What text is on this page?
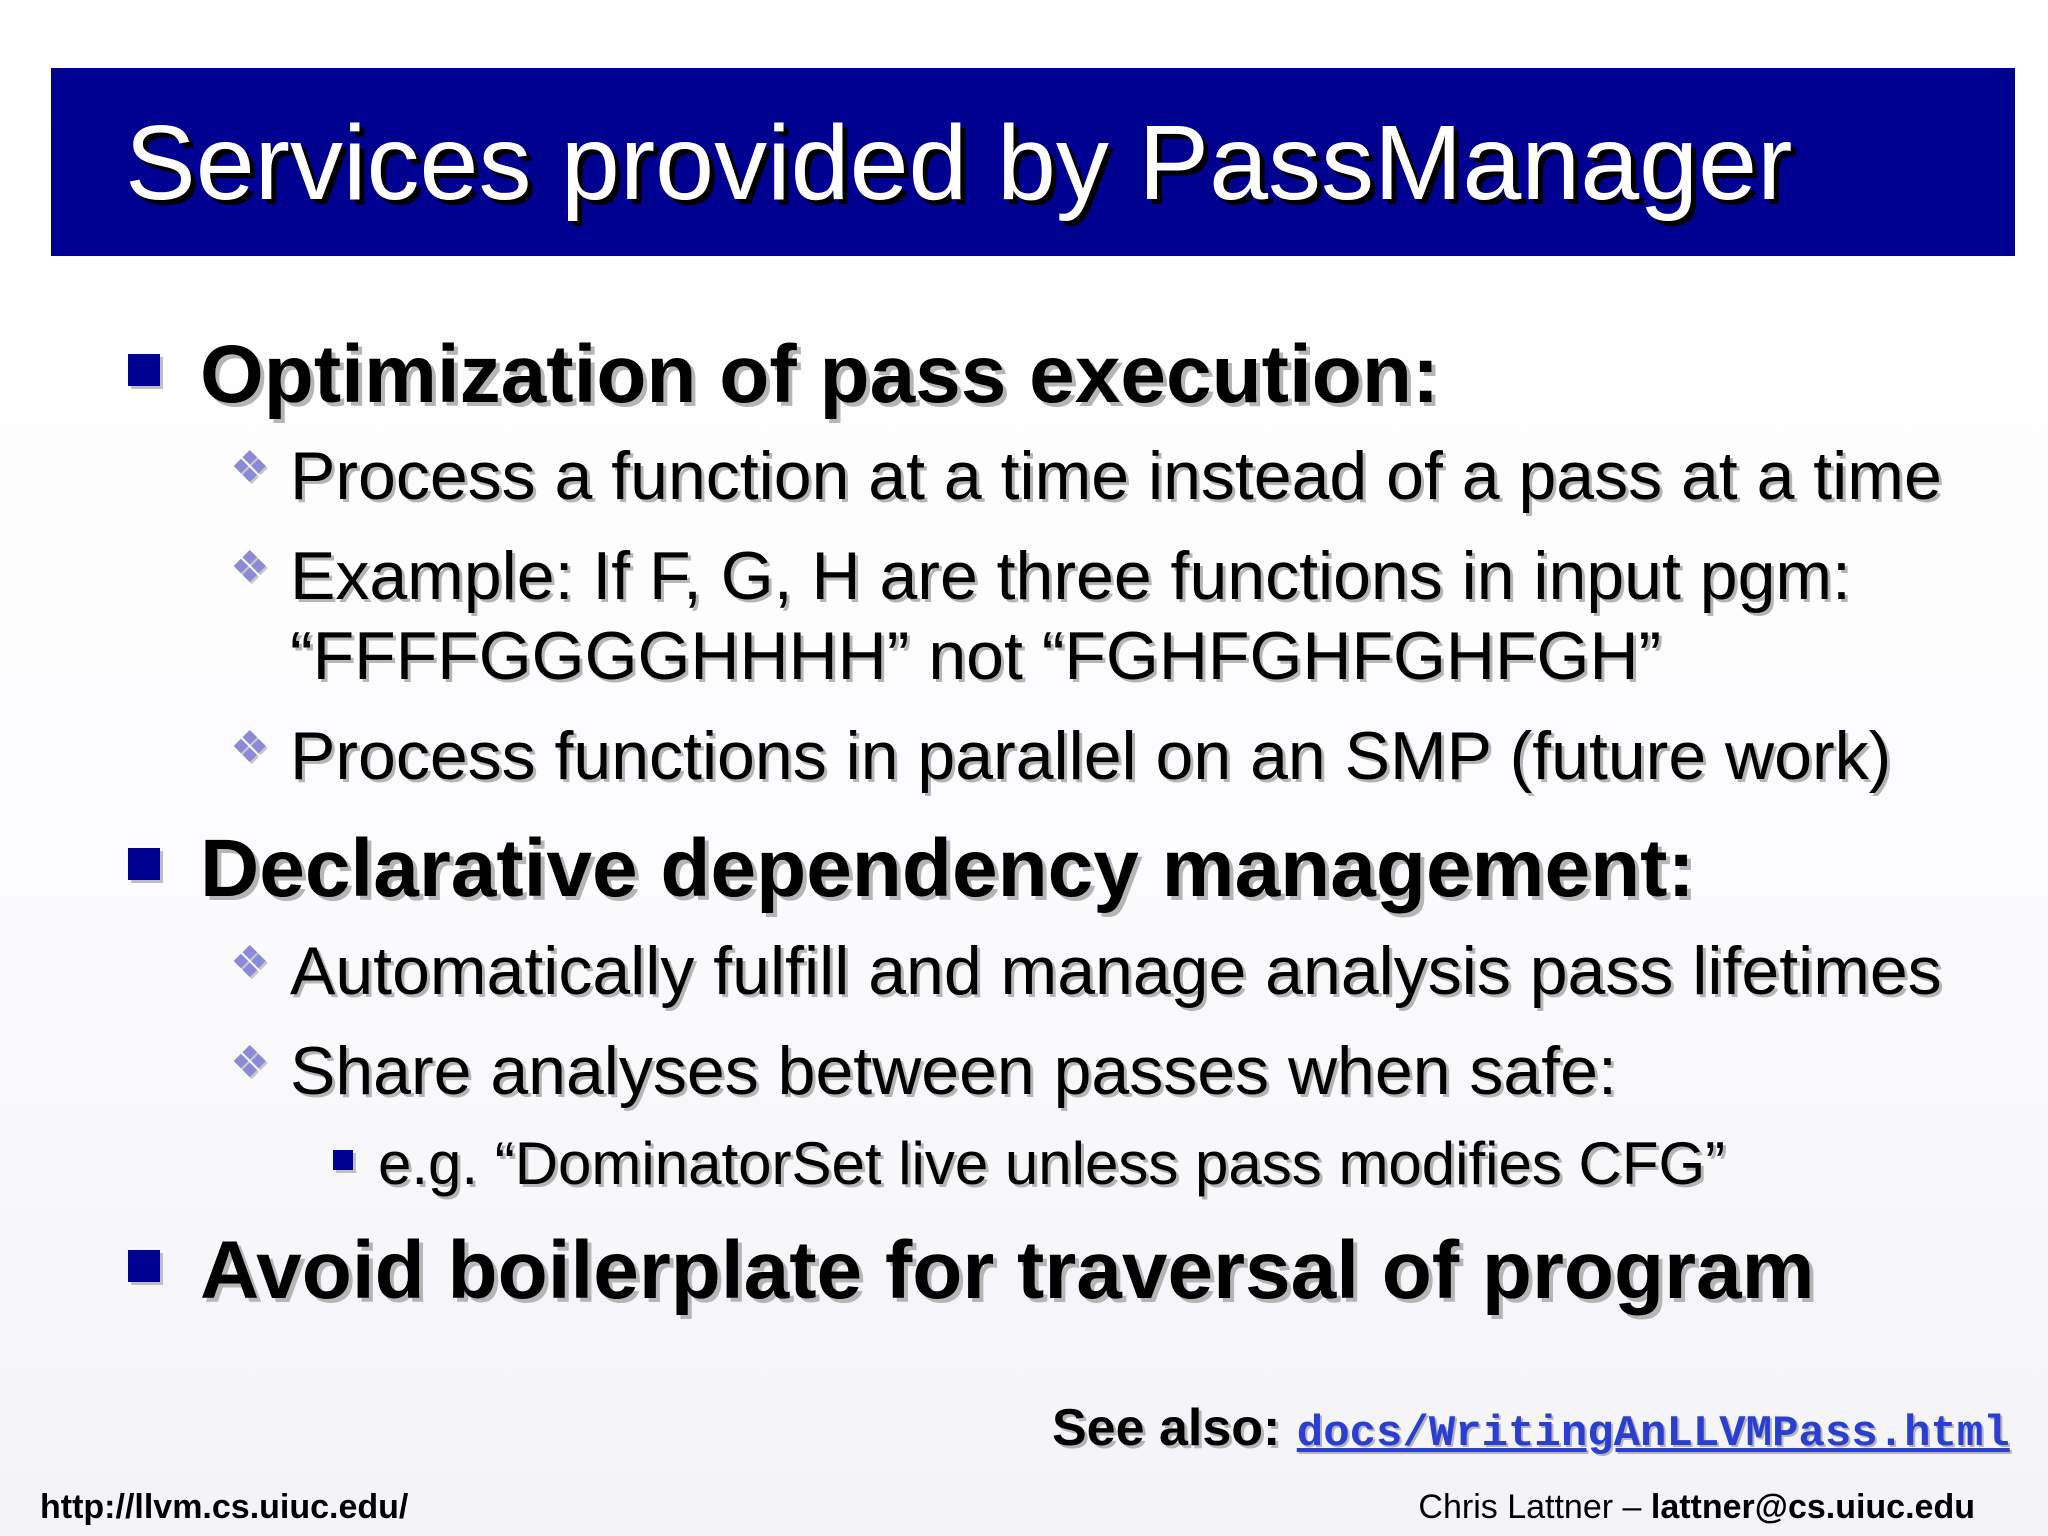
Services provided by PassManager
Optimization of pass execution:
❖ Process a function at a time instead of a pass at a time
❖ Example: If F, G, H are three functions in input pgm:
“FFFFGGGGHHHH” not “FGHFGHFGHFGH”
❖ Process functions in parallel on an SMP (future work)
Declarative dependency management:
❖ Automatically fulfill and manage analysis pass lifetimes
❖ Share analyses between passes when safe:
e.g. “DominatorSet live unless pass modifies CFG”
Avoid boilerplate for traversal of program
See also: docs/WritingAnLLVMPass.html
http://llvm.cs.uiuc.edu/	Chris Lattner – lattner@cs.uiuc.edu
